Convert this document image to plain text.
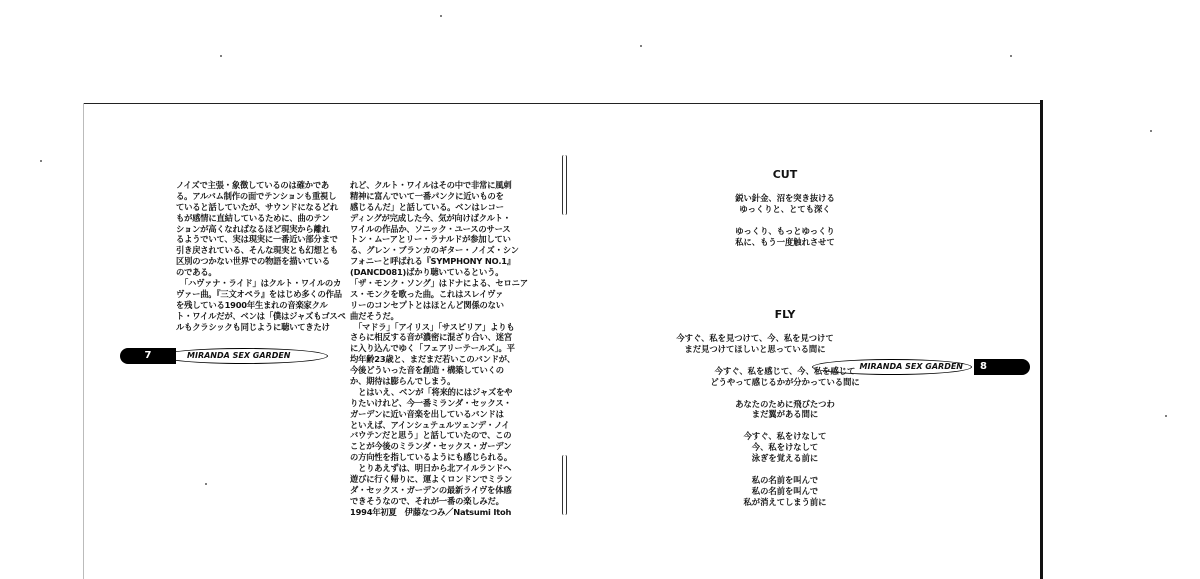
ノイズで主張・象徴しているのは確かであ
る。アルバム制作の面でテンションも重視し
ていると話していたが、サウンドになるどれ
もが感情に直結しているために、曲のテン
ションが高くなればなるほど現実から離れ
るようでいて、実は現実に一番近い部分まで
引き戻されている、そんな現実とも幻想とも
区別のつかない世界での物語を描いている
のである。
　「ハヴァナ・ライド」はクルト・ワイルのカ
ヴァー曲。『三文オペラ』をはじめ多くの作品
を残している1900年生まれの音楽家クル
ト・ワイルだが、ベンは「僕はジャズもゴスペ
ルもクラシックも同じように聴いてきたけ
れど、クルト・ワイルはその中で非常に風刺
精神に富んでいて一番パンクに近いものを
感じるんだ」と話している。ベンはレコー
ディングが完成した今、気が向けばクルト・
ワイルの作品か、ソニック・ユースのサース
トン・ムーアとリー・ラナルドが参加してい
る、グレン・ブランカのギター・ノイズ・シン
フォニーと呼ばれる『SYMPHONY NO.1』
(DANCD081)ばかり聴いているという。
「ザ・モンク・ソング」はドナによる、セロニア
ス・モンクを歌った曲。これはスレイヴァ
リーのコンセプトとはほとんど関係のない
曲だそうだ。
　「マドラ」「アイリス」「サスピリア」よりも
さらに相反する音が濃密に混ざり合い、迷宮
に入り込んでゆく「フェアリーテールズ」。平
均年齢23歳と、まだまだ若いこのバンドが、
今後どういった音を創造・構築していくの
か、期待は膨らんでしまう。
　とはいえ、ベンが「将来的にはジャズをや
りたいけれど、今一番ミランダ・セックス・
ガーデンに近い音楽を出しているバンドは
といえば、アインシュテュルツェンデ・ノイ
バウテンだと思う」と話していたので、この
ことが今後のミランダ・セックス・ガーデン
の方向性を指しているようにも感じられる。
　とりあえずは、明日から北アイルランドへ
遊びに行く帰りに、運よくロンドンでミラン
ダ・セックス・ガーデンの最新ライヴを体感
できそうなので、それが一番の楽しみだ。
1994年初夏　伊藤なつみ／Natsumi Itoh
MIRANDA SEX GARDEN
7
MIRANDA SEX GARDEN	8
CUT
鋭い針金、沼を突き抜ける
ゆっくりと、とても深く
ゆっくり、もっとゆっくり
私に、もう一度触れさせて
FLY
今すぐ、私を見つけて、今、私を見つけて
まだ見つけてほしいと思っている間に
今すぐ、私を感じて、今、私を感じて
どうやって感じるかが分かっている間に
あなたのために飛びたつわ
まだ翼がある間に
今すぐ、私をけなして
今、私をけなして
泳ぎを覚える前に
私の名前を叫んで
私の名前を叫んで
私が消えてしまう前に
